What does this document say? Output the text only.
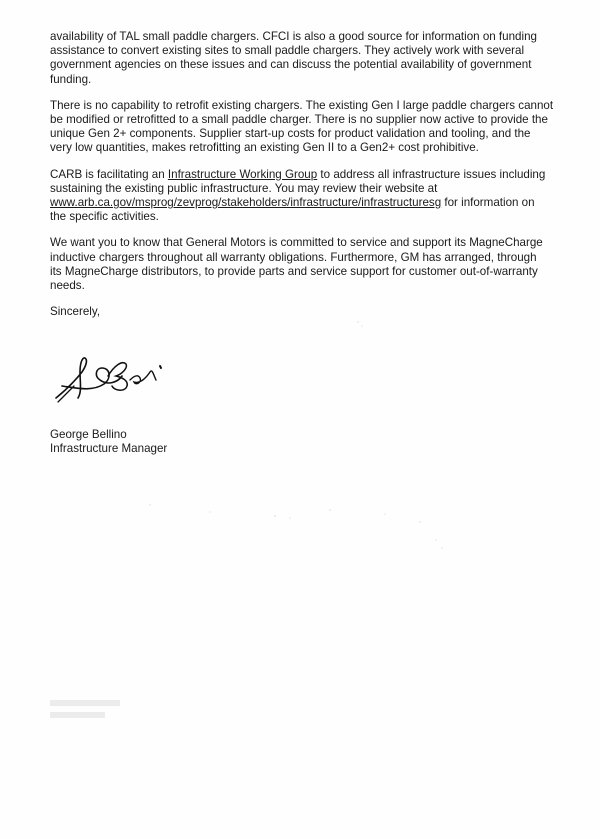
availability of TAL small paddle chargers. CFCI is also a good source for information on funding
assistance to convert existing sites to small paddle chargers. They actively work with several
government agencies on these issues and can discuss the potential availability of government
funding.

There is no capability to retrofit existing chargers. The existing Gen I large paddle chargers cannot
be modified or retrofitted to a small paddle charger. There is no supplier now active to provide the
unique Gen 2+ components. Supplier start-up costs for product validation and tooling, and the
very low quantities, makes retrofitting an existing Gen II to a Gen2+ cost prohibitive.

CARB is facilitating an Infrastructure Working Group to address all infrastructure issues including
sustaining the existing public infrastructure. You may review their website at
www.arb.ca.gov/msprog/zevprog/stakeholders/infrastructure/infrastructuresg for information on
the specific activities.

We want you to know that General Motors is committed to service and support its MagneCharge
inductive chargers throughout all warranty obligations. Furthermore, GM has arranged, through
its MagneCharge distributors, to provide parts and service support for customer out-of-warranty
needs.

Sincerely,

George Bellino
Infrastructure Manager
